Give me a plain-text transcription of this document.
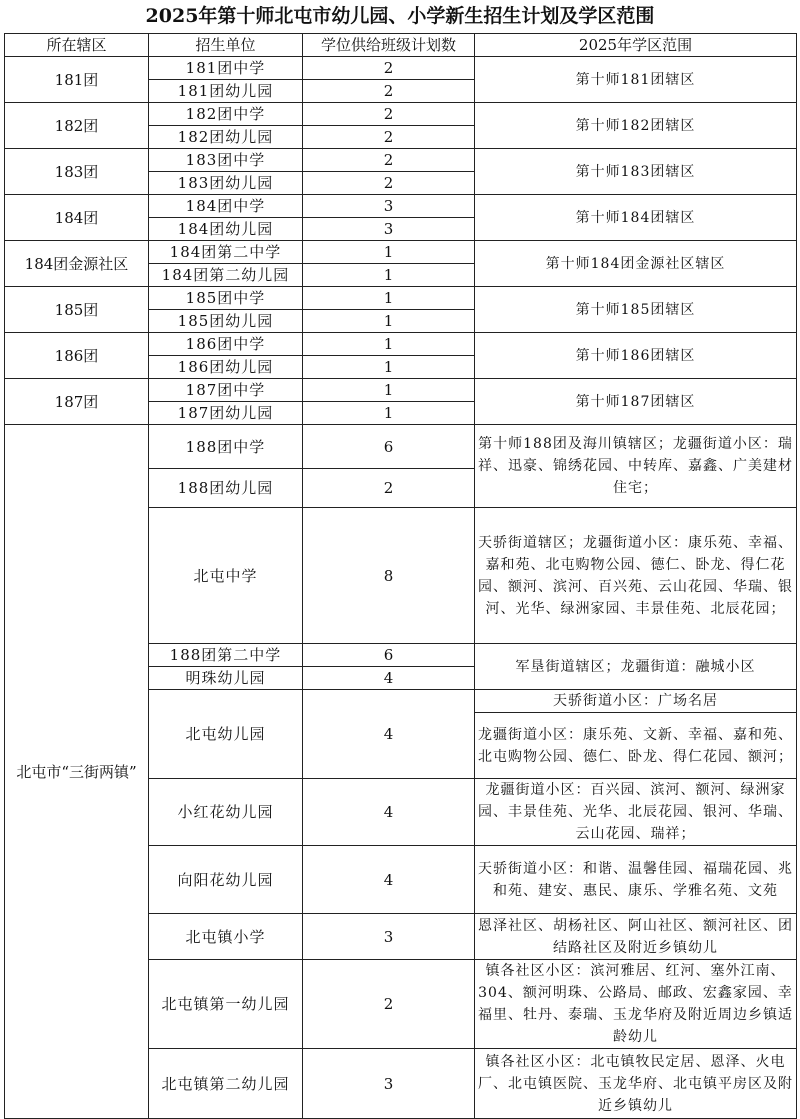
2025年第十师北屯市幼儿园、小学新生招生计划及学区范围
所在辖区	招生单位	学位供给班级计划数	2025年学区范围
181团	181团中学	2	第十师181团辖区
	181团幼儿园	2	
182团	182团中学	2	第十师182团辖区
	182团幼儿园	2	
183团	183团中学	2	第十师183团辖区
	183团幼儿园	2	
184团	184团中学	3	第十师184团辖区
	184团幼儿园	3	
184团金源社区	184团第二中学	1	第十师184团金源社区辖区
	184团第二幼儿园	1	
185团	185团中学	1	第十师185团辖区
	185团幼儿园	1	
186团	186团中学	1	第十师186团辖区
	186团幼儿园	1	
187团	187团中学	1	第十师187团辖区
	187团幼儿园	1	
北屯市“三街两镇”	188团中学	6	第十师188团及海川镇辖区；龙疆街道小区：瑞祥、迅豪、锦绣花园、中转库、嘉鑫、广美建材住宅；
	188团幼儿园	2	
	北屯中学	8	天骄街道辖区；龙疆街道小区：康乐苑、幸福、嘉和苑、北屯购物公园、德仁、卧龙、得仁花园、额河、滨河、百兴苑、云山花园、华瑞、银河、光华、绿洲家园、丰景佳苑、北辰花园；
	188团第二中学	6	军垦街道辖区；龙疆街道：融城小区
	明珠幼儿园	4	
	北屯幼儿园	4	天骄街道小区：广场名居
			龙疆街道小区：康乐苑、文新、幸福、嘉和苑、北屯购物公园、德仁、卧龙、得仁花园、额河；
	小红花幼儿园	4	龙疆街道小区：百兴园、滨河、额河、绿洲家园、丰景佳苑、光华、北辰花园、银河、华瑞、云山花园、瑞祥；
	向阳花幼儿园	4	天骄街道小区：和谐、温馨佳园、福瑞花园、兆和苑、建安、惠民、康乐、学雅名苑、文苑
	北屯镇小学	3	恩泽社区、胡杨社区、阿山社区、额河社区、团结路社区及附近乡镇幼儿
	北屯镇第一幼儿园	2	镇各社区小区：滨河雅居、红河、塞外江南、304、额河明珠、公路局、邮政、宏鑫家园、幸福里、牡丹、泰瑞、玉龙华府及附近周边乡镇适龄幼儿
	北屯镇第二幼儿园	3	镇各社区小区：北屯镇牧民定居、恩泽、火电厂、北屯镇医院、玉龙华府、北屯镇平房区及附近乡镇幼儿
